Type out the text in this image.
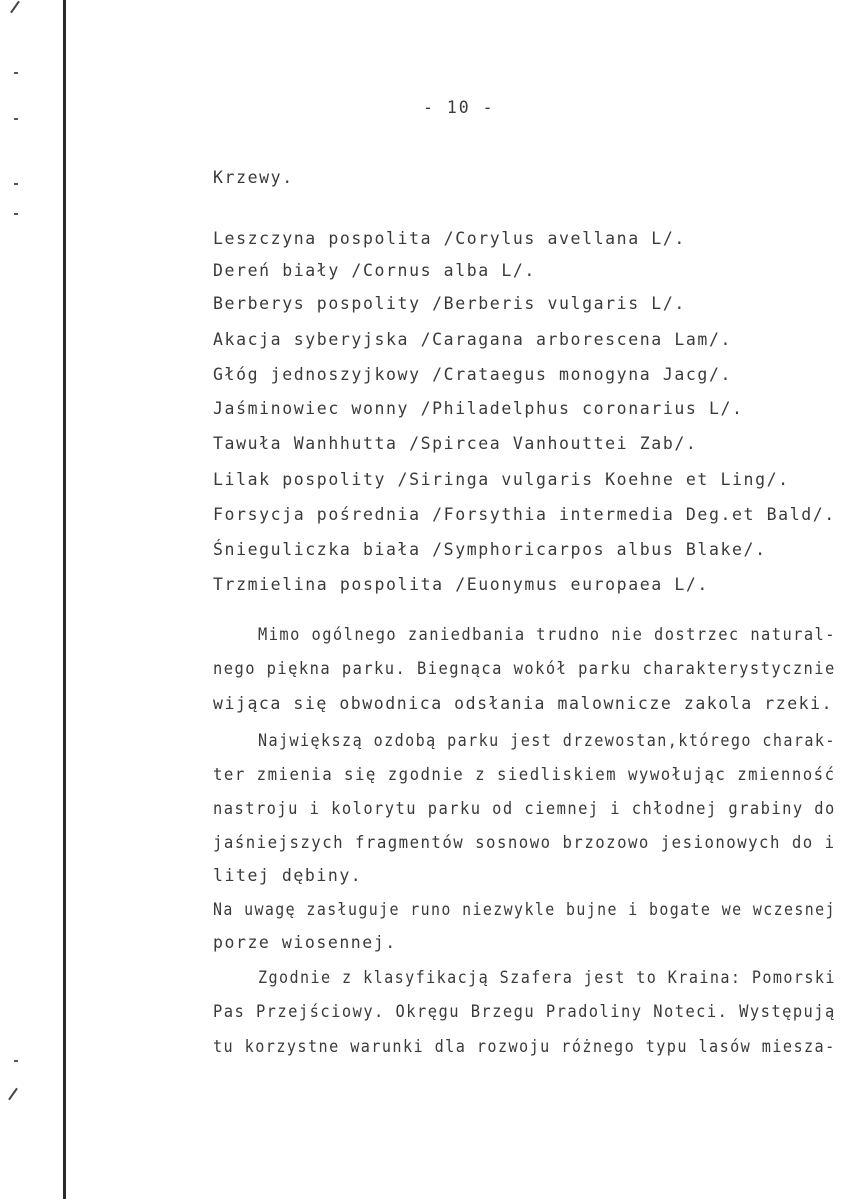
- 10 -
Krzewy.
Leszczyna pospolita /Corylus avellana L/.
Dereń biały /Cornus alba L/.
Berberys pospolity /Berberis vulgaris L/.
Akacja syberyjska /Caragana arborescena Lam/.
Głóg jednoszyjkowy /Crataegus monogyna Jacg/.
Jaśminowiec wonny /Philadelphus coronarius L/.
Tawuła Wanhhutta /Spircea Vanhouttei Zab/.
Lilak pospolity /Siringa vulgaris Koehne et Ling/.
Forsycja pośrednia /Forsythia intermedia Deg.et Bald/.
Śnieguliczka biała /Symphoricarpos albus Blake/.
Trzmielina pospolita /Euonymus europaea L/.
Mimo ogólnego zaniedbania trudno nie dostrzec natural-
nego piękna parku. Biegnąca wokół parku charakterystycznie
wijąca się obwodnica odsłania malownicze zakola rzeki.
Największą ozdobą parku jest drzewostan,którego charak-
ter zmienia się zgodnie z siedliskiem wywołując zmienność
nastroju i kolorytu parku od ciemnej i chłodnej grabiny do
jaśniejszych fragmentów sosnowo brzozowo jesionowych do i
litej dębiny.
Na uwagę zasługuje runo niezwykle bujne i bogate we wczesnej
porze wiosennej.
Zgodnie z klasyfikacją Szafera jest to Kraina: Pomorski
Pas Przejściowy. Okręgu Brzegu Pradoliny Noteci. Występują
tu korzystne warunki dla rozwoju różnego typu lasów miesza-
